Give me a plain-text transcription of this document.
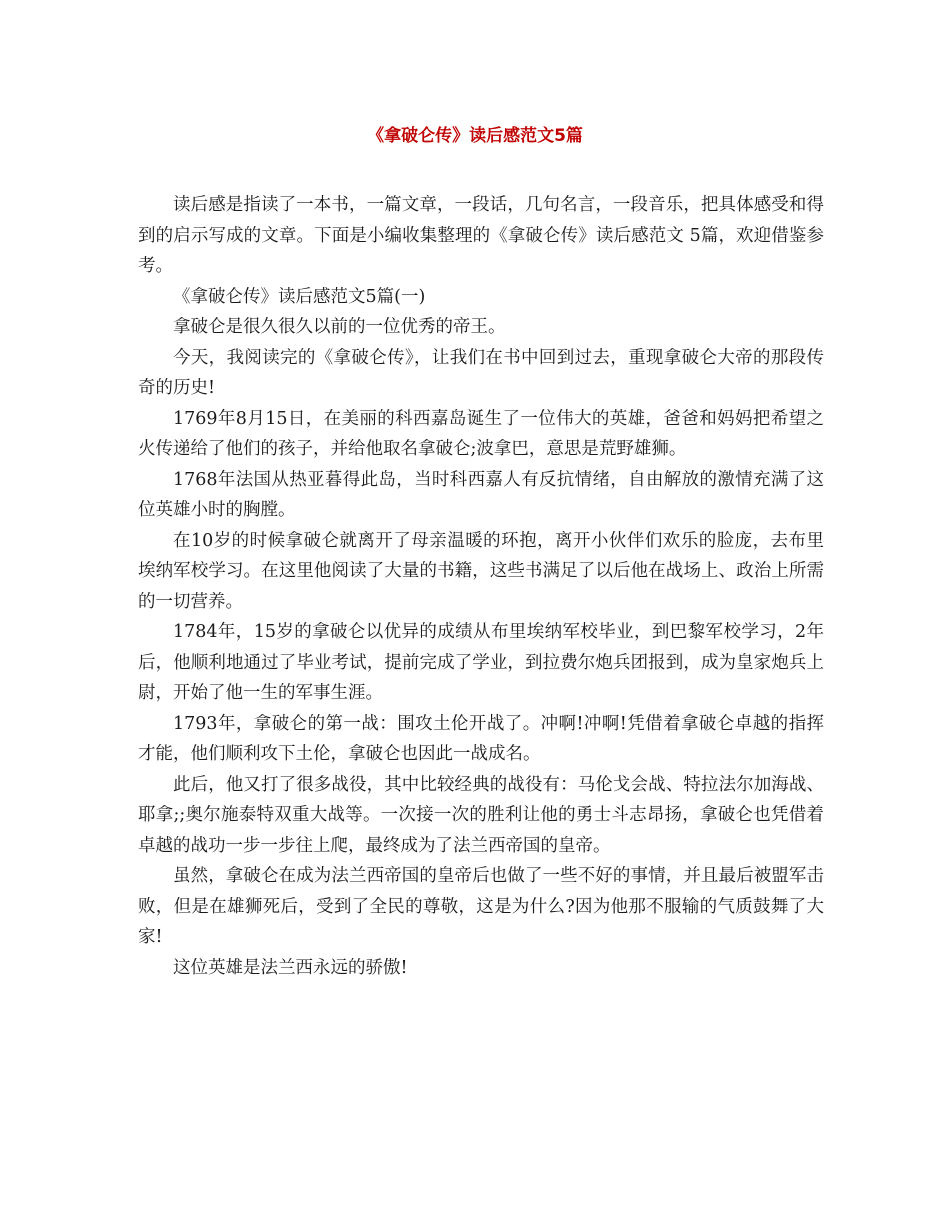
《拿破仑传》读后感范文5篇

读后感是指读了一本书，一篇文章，一段话，几句名言，一段音乐，把具体感受和得到的启示写成的文章。下面是小编收集整理的《拿破仑传》读后感范文 5篇，欢迎借鉴参考。

《拿破仑传》读后感范文5篇(一)

拿破仑是很久很久以前的一位优秀的帝王。

今天，我阅读完的《拿破仑传》，让我们在书中回到过去，重现拿破仑大帝的那段传奇的历史!

1769年8月15日，在美丽的科西嘉岛诞生了一位伟大的英雄，爸爸和妈妈把希望之火传递给了他们的孩子，并给他取名拿破仑;波拿巴，意思是荒野雄狮。

1768年法国从热亚暮得此岛，当时科西嘉人有反抗情绪，自由解放的激情充满了这位英雄小时的胸膛。

在10岁的时候拿破仑就离开了母亲温暖的环抱，离开小伙伴们欢乐的脸庞，去布里埃纳军校学习。在这里他阅读了大量的书籍，这些书满足了以后他在战场上、政治上所需的一切营养。

1784年，15岁的拿破仑以优异的成绩从布里埃纳军校毕业，到巴黎军校学习，2年后，他顺利地通过了毕业考试，提前完成了学业，到拉费尔炮兵团报到，成为皇家炮兵上尉，开始了他一生的军事生涯。

1793年，拿破仑的第一战：围攻土伦开战了。冲啊!冲啊!凭借着拿破仑卓越的指挥才能，他们顺利攻下土伦，拿破仑也因此一战成名。

此后，他又打了很多战役，其中比较经典的战役有：马伦戈会战、特拉法尔加海战、耶拿;;奥尔施泰特双重大战等。一次接一次的胜利让他的勇士斗志昂扬，拿破仑也凭借着卓越的战功一步一步往上爬，最终成为了法兰西帝国的皇帝。

虽然，拿破仑在成为法兰西帝国的皇帝后也做了一些不好的事情，并且最后被盟军击败，但是在雄狮死后，受到了全民的尊敬，这是为什么?因为他那不服输的气质鼓舞了大家!

这位英雄是法兰西永远的骄傲!
